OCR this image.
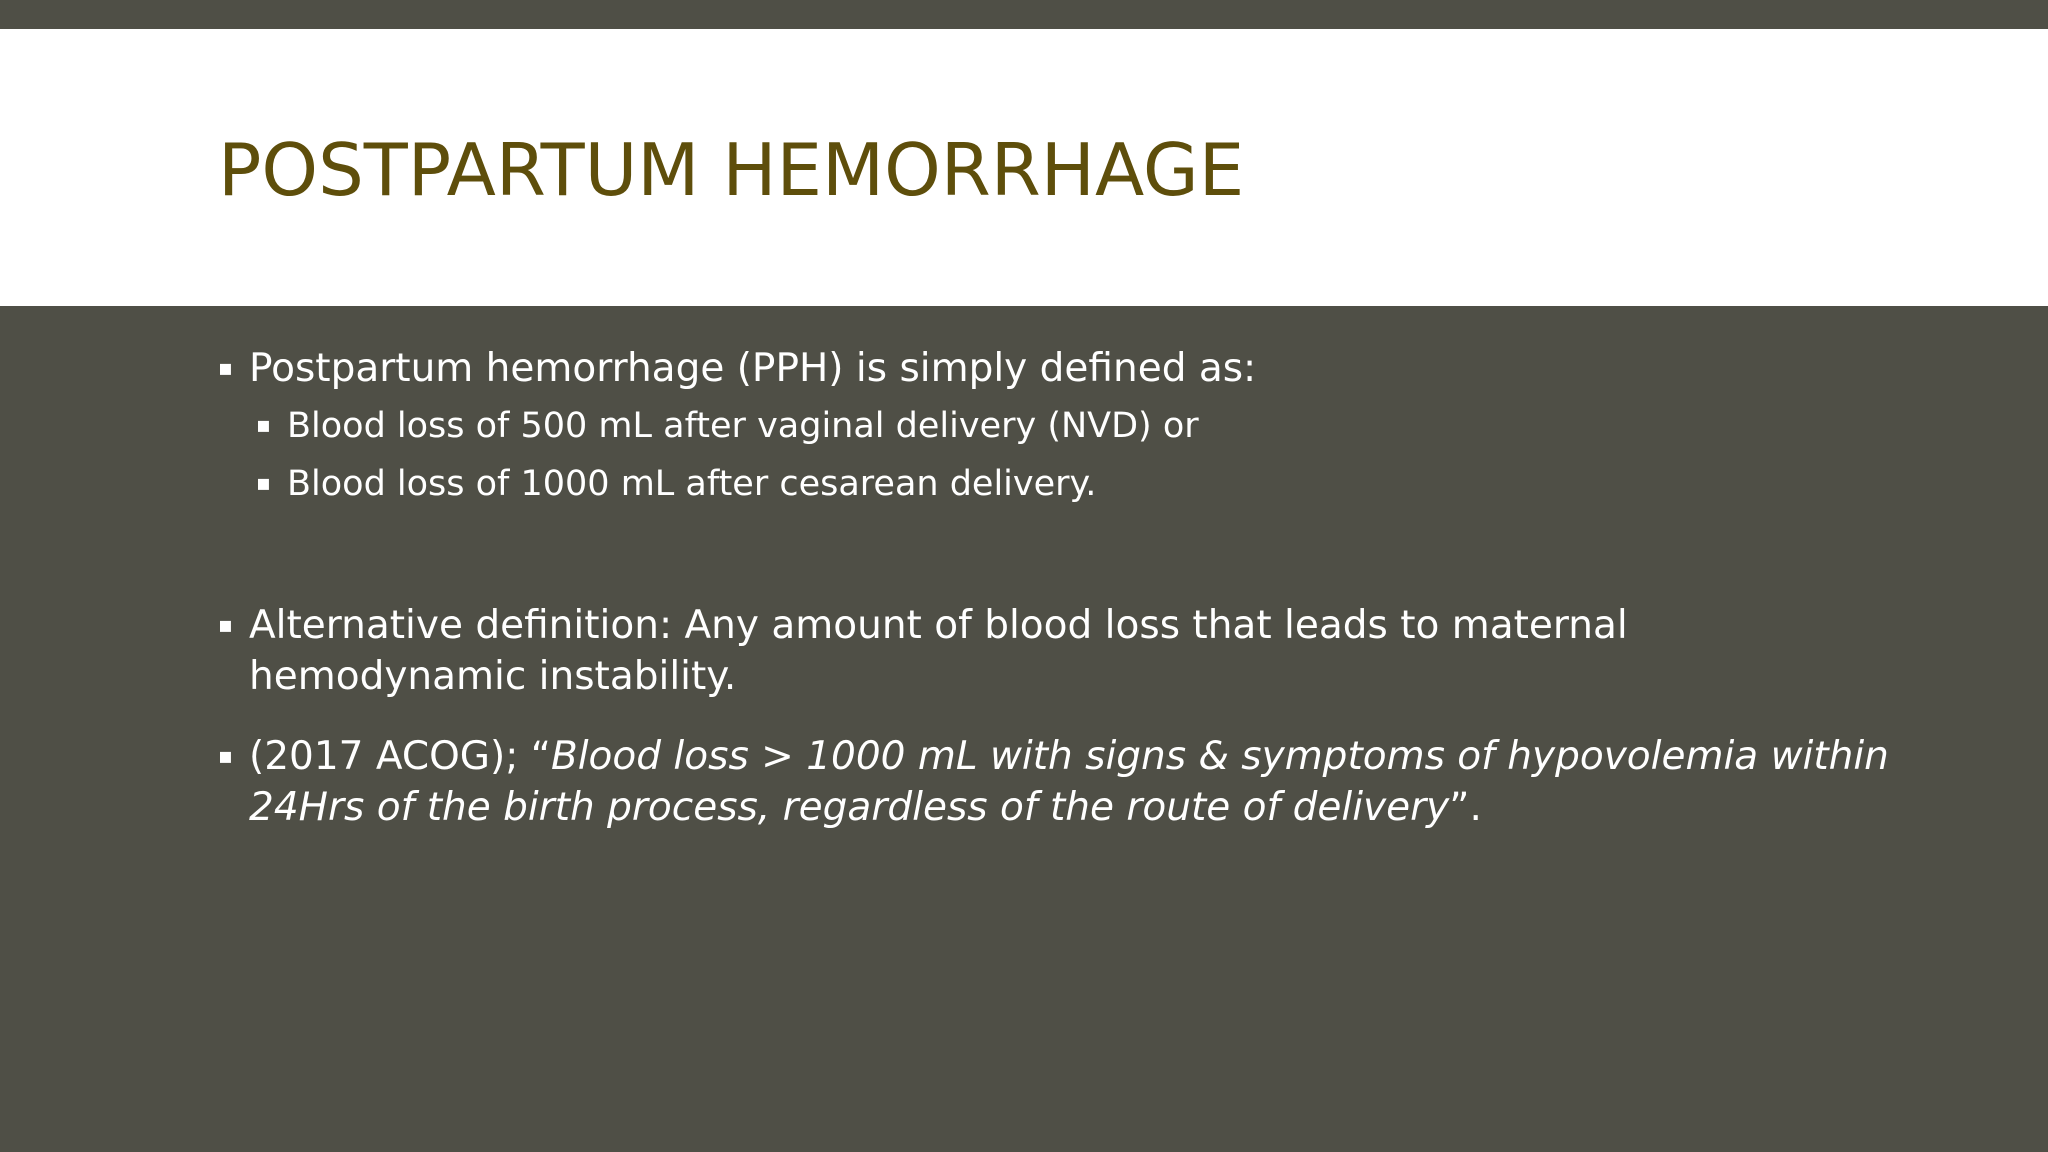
POSTPARTUM HEMORRHAGE
▪ Postpartum hemorrhage (PPH) is simply defined as:
▪ Blood loss of 500 mL after vaginal delivery (NVD) or
▪ Blood loss of 1000 mL after cesarean delivery.
▪ Alternative definition: Any amount of blood loss that leads to maternal
hemodynamic instability.
▪ (2017 ACOG); “Blood loss > 1000 mL with signs & symptoms of hypovolemia within
24Hrs of the birth process, regardless of the route of delivery”.
